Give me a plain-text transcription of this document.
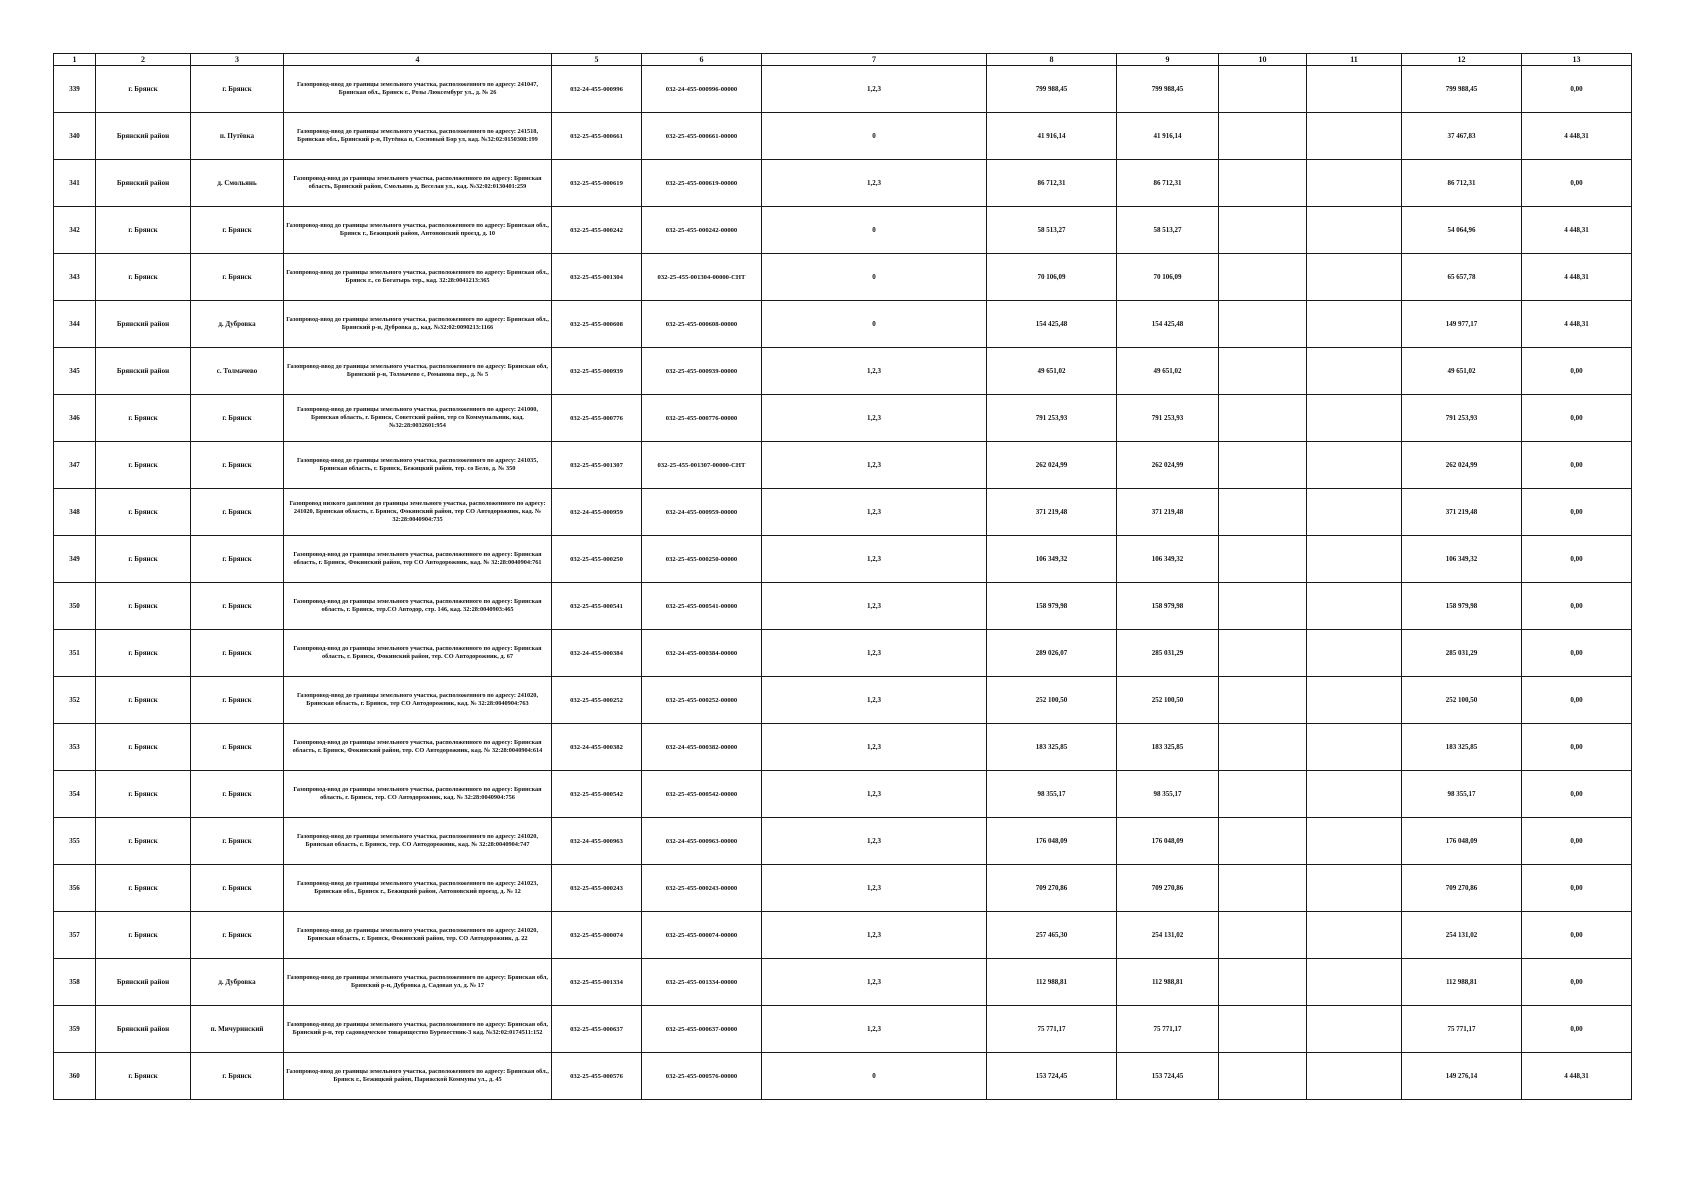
1	2	3	4	5	6	7	8	9	10	11	12	13
339	г. Брянск	г. Брянск	Газопровод-ввод до границы земельного участка, расположенного по адресу: 241047, Брянская обл., Брянск г., Розы Люксембург ул., д. № 26	032-24-455-000996	032-24-455-000996-00000	1,2,3	799 988,45	799 988,45			799 988,45	0,00
340	Брянский район	п. Путёвка	Газопровод-ввод до границы земельного участка, расположенного по адресу: 241518, Брянская обл., Брянский р-н, Путёвка п, Сосновый Бор ул, кад. №32:02:0150308:199	032-25-455-000661	032-25-455-000661-00000	0	41 916,14	41 916,14			37 467,83	4 448,31
341	Брянский район	д. Смольянь	Газопровод-ввод до границы земельного участка, расположенного по адресу: Брянская область, Брянский район, Смольянь д, Веселая ул., кад. №32:02:0130401:259	032-25-455-000619	032-25-455-000619-00000	1,2,3	86 712,31	86 712,31			86 712,31	0,00
342	г. Брянск	г. Брянск	Газопровод-ввод до границы земельного участка, расположенного по адресу: Брянская обл., Брянск г., Бежицкий район, Антоновский проезд, д. 10	032-25-455-000242	032-25-455-000242-00000	0	58 513,27	58 513,27			54 064,96	4 448,31
343	г. Брянск	г. Брянск	Газопровод-ввод до границы земельного участка, расположенного по адресу: Брянская обл., Брянск г., со Богатырь тер., кад. 32:28:0041213:365	032-25-455-001304	032-25-455-001304-00000-СНТ	0	70 106,09	70 106,09			65 657,78	4 448,31
344	Брянский район	д. Дубровка	Газопровод-ввод до границы земельного участка, расположенного по адресу: Брянская обл., Брянский р-н, Дубровка д., кад. №32:02:0090213:1166	032-25-455-000608	032-25-455-000608-00000	0	154 425,48	154 425,48			149 977,17	4 448,31
345	Брянский район	с. Толмачево	Газопровод-ввод до границы земельного участка, расположенного по адресу: Брянская обл, Брянский р-н, Толмачево с, Романова пер., д. № 5	032-25-455-000939	032-25-455-000939-00000	1,2,3	49 651,02	49 651,02			49 651,02	0,00
346	г. Брянск	г. Брянск	Газопровод-ввод до границы земельного участка, расположенного по адресу: 241000, Брянская область, г. Брянск, Советский район, тер со Коммунальник, кад. №32:28:0032601:954	032-25-455-000776	032-25-455-000776-00000	1,2,3	791 253,93	791 253,93			791 253,93	0,00
347	г. Брянск	г. Брянск	Газопровод-ввод до границы земельного участка, расположенного по адресу: 241035, Брянская область, г. Брянск, Бежицкий район, тер. со Бело, д. № 350	032-25-455-001307	032-25-455-001307-00000-СНТ	1,2,3	262 024,99	262 024,99			262 024,99	0,00
348	г. Брянск	г. Брянск	Газопровод низкого давления до границы земельного участка, расположенного по адресу: 241020, Брянская область, г. Брянск, Фокинский район, тер СО Автодорожник, кад. № 32:28:0040904:735	032-24-455-000959	032-24-455-000959-00000	1,2,3	371 219,48	371 219,48			371 219,48	0,00
349	г. Брянск	г. Брянск	Газопровод-ввод до границы земельного участка, расположенного по адресу: Брянская область, г. Брянск, Фокинский район, тер СО Автодорожник, кад. № 32:28:0040904:761	032-25-455-000250	032-25-455-000250-00000	1,2,3	106 349,32	106 349,32			106 349,32	0,00
350	г. Брянск	г. Брянск	Газопровод-ввод до границы земельного участка, расположенного по адресу: Брянская область, г. Брянск, тер.СО Автодор, стр. 146, кад. 32:28:0040903:465	032-25-455-000541	032-25-455-000541-00000	1,2,3	158 979,98	158 979,98			158 979,98	0,00
351	г. Брянск	г. Брянск	Газопровод-ввод до границы земельного участка, расположенного по адресу: Брянская область, г. Брянск, Фокинский район, тер. СО Автодорожник, д. 67	032-24-455-000384	032-24-455-000384-00000	1,2,3	289 026,07	285 031,29			285 031,29	0,00
352	г. Брянск	г. Брянск	Газопровод-ввод до границы земельного участка, расположенного по адресу: 241020, Брянская область, г. Брянск, тер СО Автодорожник, кад. № 32:28:0040904:763	032-25-455-000252	032-25-455-000252-00000	1,2,3	252 100,50	252 100,50			252 100,50	0,00
353	г. Брянск	г. Брянск	Газопровод-ввод до границы земельного участка, расположенного по адресу: Брянская область, г. Брянск, Фокинский район, тер. СО Автодорожник, кад. № 32:28:0040904:614	032-24-455-000382	032-24-455-000382-00000	1,2,3	183 325,85	183 325,85			183 325,85	0,00
354	г. Брянск	г. Брянск	Газопровод-ввод до границы земельного участка, расположенного по адресу: Брянская область, г. Брянск, тер. СО Автодорожник, кад. № 32:28:0040904:756	032-25-455-000542	032-25-455-000542-00000	1,2,3	98 355,17	98 355,17			98 355,17	0,00
355	г. Брянск	г. Брянск	Газопровод-ввод до границы земельного участка, расположенного по адресу: 241020, Брянская область, г. Брянск, тер. СО Автодорожник, кад. № 32:28:0040904:747	032-24-455-000963	032-24-455-000963-00000	1,2,3	176 048,09	176 048,09			176 048,09	0,00
356	г. Брянск	г. Брянск	Газопровод-ввод до границы земельного участка, расположенного по адресу: 241023, Брянская обл., Брянск г., Бежицкий район, Антоновский проезд, д. № 12	032-25-455-000243	032-25-455-000243-00000	1,2,3	709 270,86	709 270,86			709 270,86	0,00
357	г. Брянск	г. Брянск	Газопровод-ввод до границы земельного участка, расположенного по адресу: 241020, Брянская область, г. Брянск, Фокинский район, тер. СО Автодорожник, д. 22	032-25-455-000074	032-25-455-000074-00000	1,2,3	257 465,30	254 131,02			254 131,02	0,00
358	Брянский район	д. Дубровка	Газопровод-ввод до границы земельного участка, расположенного по адресу: Брянская обл, Брянский р-н, Дубровка д, Садовая ул, д. № 17	032-25-455-001334	032-25-455-001334-00000	1,2,3	112 988,81	112 988,81			112 988,81	0,00
359	Брянский район	п. Мичуринский	Газопровод-ввод до границы земельного участка, расположенного по адресу: Брянская обл, Брянский р-н, тер садоводческое товарищество Буревестник-3 кад. №32:02:0174511:152	032-25-455-000637	032-25-455-000637-00000	1,2,3	75 771,17	75 771,17			75 771,17	0,00
360	г. Брянск	г. Брянск	Газопровод-ввод до границы земельного участка, расположенного по адресу: Брянская обл., Брянск г., Бежицкий район, Парижской Коммуны ул., д. 45	032-25-455-000576	032-25-455-000576-00000	0	153 724,45	153 724,45			149 276,14	4 448,31
